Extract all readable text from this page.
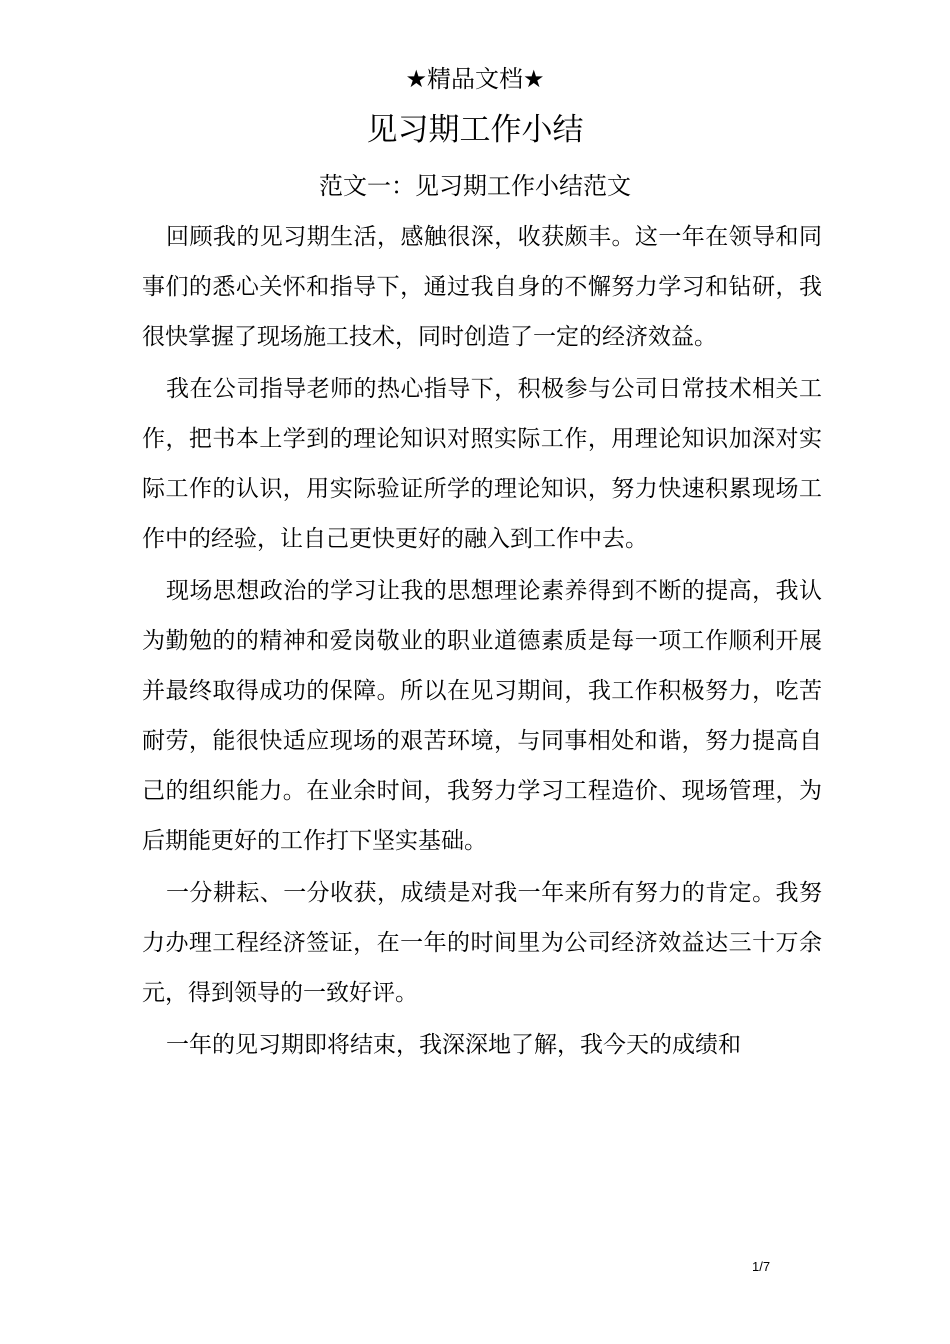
★精品文档★
见习期工作小结
范文一：见习期工作小结范文

回顾我的见习期生活，感触很深，收获颇丰。这一年在领导和同事们的悉心关怀和指导下，通过我自身的不懈努力学习和钻研，我很快掌握了现场施工技术，同时创造了一定的经济效益。

我在公司指导老师的热心指导下，积极参与公司日常技术相关工作，把书本上学到的理论知识对照实际工作，用理论知识加深对实际工作的认识，用实际验证所学的理论知识，努力快速积累现场工作中的经验，让自己更快更好的融入到工作中去。

现场思想政治的学习让我的思想理论素养得到不断的提高，我认为勤勉的的精神和爱岗敬业的职业道德素质是每一项工作顺利开展并最终取得成功的保障。所以在见习期间，我工作积极努力，吃苦耐劳，能很快适应现场的艰苦环境，与同事相处和谐，努力提高自己的组织能力。在业余时间，我努力学习工程造价、现场管理，为后期能更好的工作打下坚实基础。

一分耕耘、一分收获，成绩是对我一年来所有努力的肯定。我努力办理工程经济签证，在一年的时间里为公司经济效益达三十万余元，得到领导的一致好评。

一年的见习期即将结束，我深深地了解，我今天的成绩和

1/7
